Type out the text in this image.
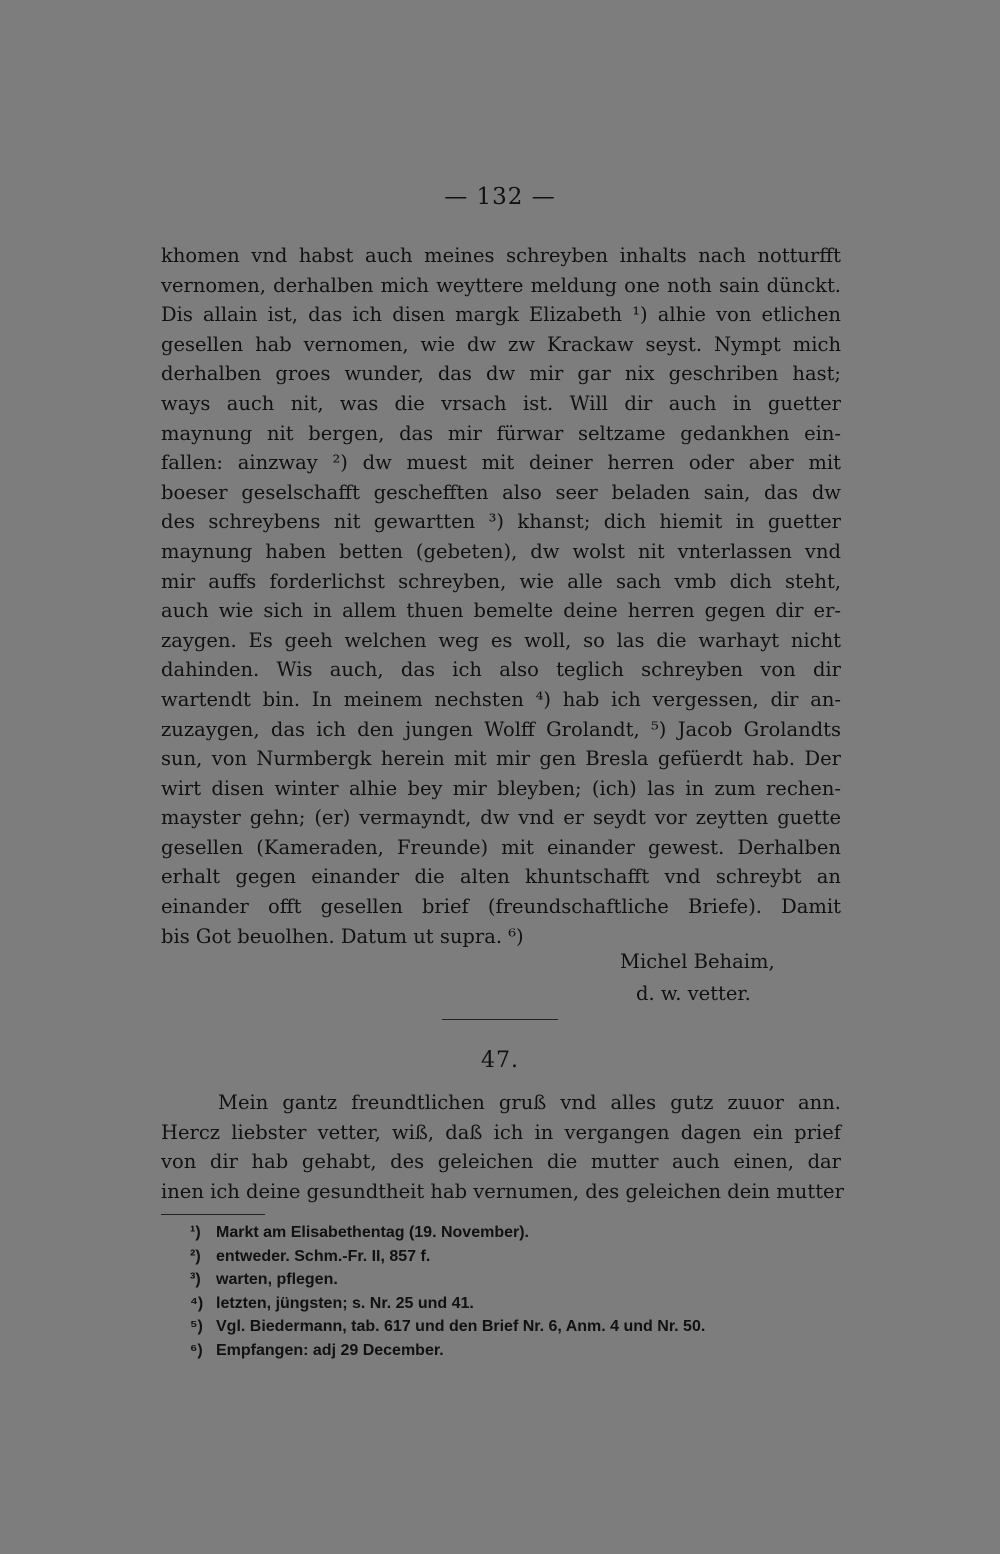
— 132 —
khomen vnd habst auch meines schreyben inhalts nach notturfft
vernomen, derhalben mich weyttere meldung one noth sain dünckt.
Dis allain ist, das ich disen margk Elizabeth ¹) alhie von etlichen
gesellen hab vernomen, wie dw zw Krackaw seyst. Nympt mich
derhalben groes wunder, das dw mir gar nix geschriben hast;
ways auch nit, was die vrsach ist. Will dir auch in guetter
maynung nit bergen, das mir fürwar seltzame gedankhen ein-
fallen: ainzway ²) dw muest mit deiner herren oder aber mit
boeser geselschafft geschefften also seer beladen sain, das dw
des schreybens nit gewartten ³) khanst; dich hiemit in guetter
maynung haben betten (gebeten), dw wolst nit vnterlassen vnd
mir auffs forderlichst schreyben, wie alle sach vmb dich steht,
auch wie sich in allem thuen bemelte deine herren gegen dir er-
zaygen. Es geeh welchen weg es woll, so las die warhayt nicht
dahinden. Wis auch, das ich also teglich schreyben von dir
wartendt bin. In meinem nechsten ⁴) hab ich vergessen, dir an-
zuzaygen, das ich den jungen Wolff Grolandt, ⁵) Jacob Grolandts
sun, von Nurmbergk herein mit mir gen Bresla gefüerdt hab. Der
wirt disen winter alhie bey mir bleyben; (ich) las in zum rechen-
mayster gehn; (er) vermayndt, dw vnd er seydt vor zeytten guette
gesellen (Kameraden, Freunde) mit einander gewest. Derhalben
erhalt gegen einander die alten khuntschafft vnd schreybt an
einander offt gesellen brief (freundschaftliche Briefe). Damit
bis Got beuolhen. Datum ut supra. ⁶)
Michel Behaim,
d. w. vetter.
47.
Mein gantz freundtlichen gruß vnd alles gutz zuuor ann.
Hercz liebster vetter, wiß, daß ich in vergangen dagen ein prief
von dir hab gehabt, des geleichen die mutter auch einen, dar
inen ich deine gesundtheit hab vernumen, des geleichen dein mutter
¹) Markt am Elisabethentag (19. November).
²) entweder. Schm.-Fr. II, 857 f.
³) warten, pflegen.
⁴) letzten, jüngsten; s. Nr. 25 und 41.
⁵) Vgl. Biedermann, tab. 617 und den Brief Nr. 6, Anm. 4 und Nr. 50.
⁶) Empfangen: adj 29 December.
